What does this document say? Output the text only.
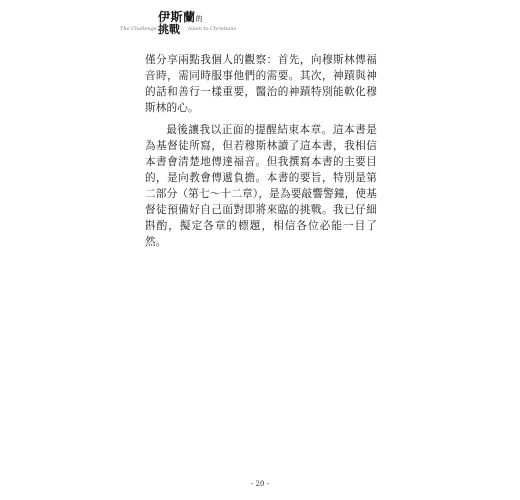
伊斯蘭的
挑戰
The Challenge of	Islam to Christians

僅分享兩點我個人的觀察：首先，向穆斯林傳福音時，需同時服事他們的需要。其次，神蹟與神的話和善行一樣重要，醫治的神蹟特別能軟化穆斯林的心。

最後讓我以正面的提醒結束本章。這本書是為基督徒所寫，但若穆斯林讀了這本書，我相信本書會清楚地傳達福音。但我撰寫本書的主要目的，是向教會傳遞負擔。本書的要旨，特別是第二部分（第七～十二章），是為要敲響警鐘，使基督徒預備好自己面對即將來臨的挑戰。我已仔細斟酌，擬定各章的標題，相信各位必能一目了然。

- 20 -
